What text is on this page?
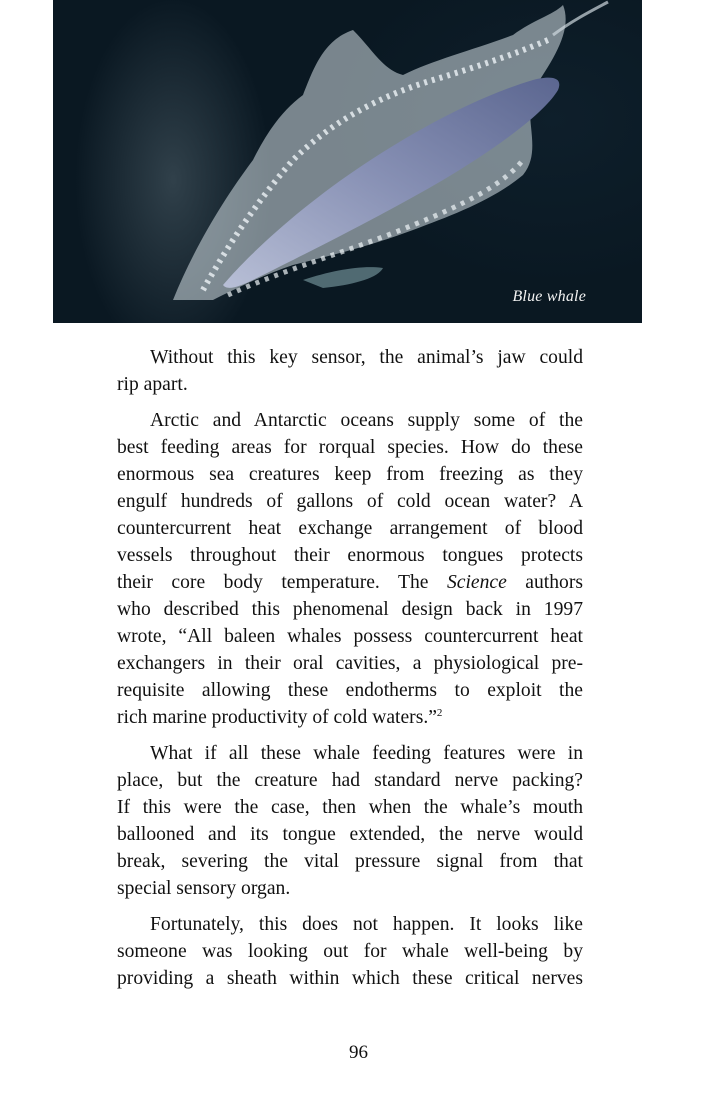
Blue whale
Without this key sensor, the animal’s jaw could
rip apart.
Arctic and Antarctic oceans supply some of the
best feeding areas for rorqual species. How do these
enormous sea creatures keep from freezing as they
engulf hundreds of gallons of cold ocean water? A
countercurrent heat exchange arrangement of blood
vessels throughout their enormous tongues protects
their core body temperature. The Science authors
who described this phenomenal design back in 1997
wrote, “All baleen whales possess countercurrent heat
exchangers in their oral cavities, a physiological pre-
requisite allowing these endotherms to exploit the
rich marine productivity of cold waters.”$^2$
What if all these whale feeding features were in
place, but the creature had standard nerve packing?
If this were the case, then when the whale’s mouth
ballooned and its tongue extended, the nerve would
break, severing the vital pressure signal from that
special sensory organ.
Fortunately, this does not happen. It looks like
someone was looking out for whale well-being by
providing a sheath within which these critical nerves
96
